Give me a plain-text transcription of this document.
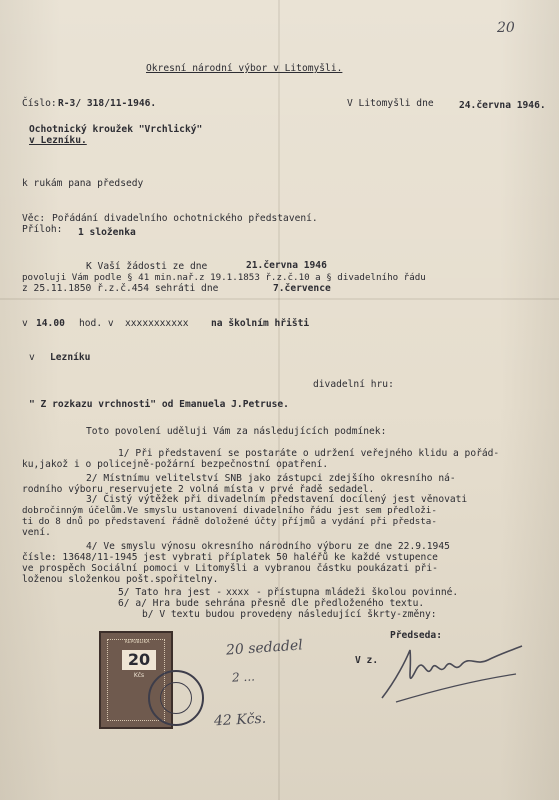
20
Okresní národní výbor v Litomyšli.
Číslo: R-3/ 318/11-1946.	V Litomyšli dne	24.června 1946.
Ochotnický kroužek "Vrchlický"
v Lezníku.
k rukám pana předsedy
Věc: Pořádání divadelního ochotnického představení.
Příloh: 1 složenka
K Vaší žádosti ze dne	21.června 1946
povoluji Vám podle § 41 min.nař.z 19.1.1853 ř.z.č.10 a § divadelního řádu
z 25.11.1850 ř.z.č.454 sehráti dne	7.července
v 14.00 hod. v xxxxxxxxxxx na školním hřišti
v Lezníku
divadelní hru:
" Z rozkazu vrchnosti" od Emanuela J.Petruse.
Toto povolení uděluji Vám za následujících podmínek:
1/ Při představení se postaráte o udržení veřejného klidu a pořád-
ku,jakož i o policejně-požární bezpečnostní opatření.
2/ Místnímu velitelství SNB jako zástupci zdejšího okresního ná-
rodního výboru reservujete 2 volná místa v prvé řadě sedadel.
3/ Čistý výtěžek při divadelním představení docílený jest věnovati
dobročinným účelům.Ve smyslu ustanovení divadelního řádu jest sem předloži-
ti do 8 dnů po představení řádně doložené účty příjmů a vydání při předsta-
vení.
4/ Ve smyslu výnosu okresního národního výboru ze dne 22.9.1945
čísle: 13648/11-1945 jest vybrati příplatek 50 haléřů ke každé vstupence
ve prospěch Sociální pomoci v Litomyšli a vybranou částku poukázati při-
loženou složenkou pošt.spořitelny.
5/ Tato hra jest - xxxx - přístupna mládeži školou povinné.
6/ a/ Hra bude sehrána přesně dle předloženého textu.
b/ V textu budou provedeny následující škrty-změny:
Předseda:
V z.
20 sedadel
2 ...
42 Kčs.
REPUBLIKA
20
Kčs
